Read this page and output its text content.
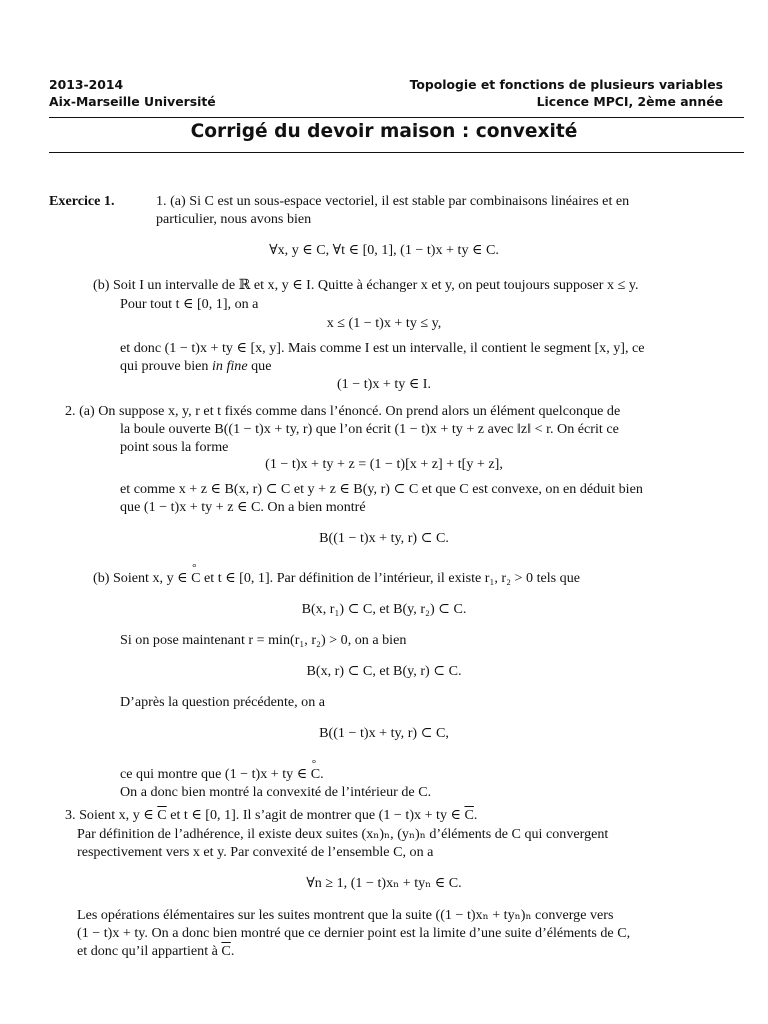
2013-2014
Aix-Marseille Université
Topologie et fonctions de plusieurs variables
Licence MPCI, 2ème année
Corrigé du devoir maison : convexité
Exercice 1.	1. (a) Si C est un sous-espace vectoriel, il est stable par combinaisons linéaires et en
particulier, nous avons bien
∀x, y ∈ C, ∀t ∈ [0, 1], (1 − t)x + ty ∈ C.
(b) Soit I un intervalle de ℝ et x, y ∈ I. Quitte à échanger x et y, on peut toujours supposer x ≤ y.
Pour tout t ∈ [0, 1], on a
x ≤ (1 − t)x + ty ≤ y,
et donc (1 − t)x + ty ∈ [x, y]. Mais comme I est un intervalle, il contient le segment [x, y], ce
qui prouve bien in fine que
(1 − t)x + ty ∈ I.
2. (a) On suppose x, y, r et t fixés comme dans l’énoncé. On prend alors un élément quelconque de
la boule ouverte B((1 − t)x + ty, r) que l’on écrit (1 − t)x + ty + z avec ‖z‖ < r. On écrit ce
point sous la forme
(1 − t)x + ty + z = (1 − t)[x + z] + t[y + z],
et comme x + z ∈ B(x, r) ⊂ C et y + z ∈ B(y, r) ⊂ C et que C est convexe, on en déduit bien
que (1 − t)x + ty + z ∈ C. On a bien montré
B((1 − t)x + ty, r) ⊂ C.
(b) Soient x, y ∈ ° C et t ∈ [0, 1]. Par définition de l’intérieur, il existe r₁, r₂ > 0 tels que
B(x, r₁) ⊂ C, et B(y, r₂) ⊂ C.
Si on pose maintenant r = min(r₁, r₂) > 0, on a bien
B(x, r) ⊂ C, et B(y, r) ⊂ C.
D’après la question précédente, on a
B((1 − t)x + ty, r) ⊂ C,
ce qui montre que (1 − t)x + ty ∈ ° C.
On a donc bien montré la convexité de l’intérieur de C.
3. Soient x, y ∈ $\overline{C}$ et t ∈ [0, 1]. Il s’agit de montrer que (1 − t)x + ty ∈ $\overline{C}$.
Par définition de l’adhérence, il existe deux suites (xₙ)ₙ, (yₙ)ₙ d’éléments de C qui convergent
respectivement vers x et y. Par convexité de l’ensemble C, on a
∀n ≥ 1, (1 − t)xₙ + tyₙ ∈ C.
Les opérations élémentaires sur les suites montrent que la suite ((1 − t)xₙ + tyₙ)ₙ converge vers
(1 − t)x + ty. On a donc bien montré que ce dernier point est la limite d’une suite d’éléments de C,
et donc qu’il appartient à $\overline{C}$.
